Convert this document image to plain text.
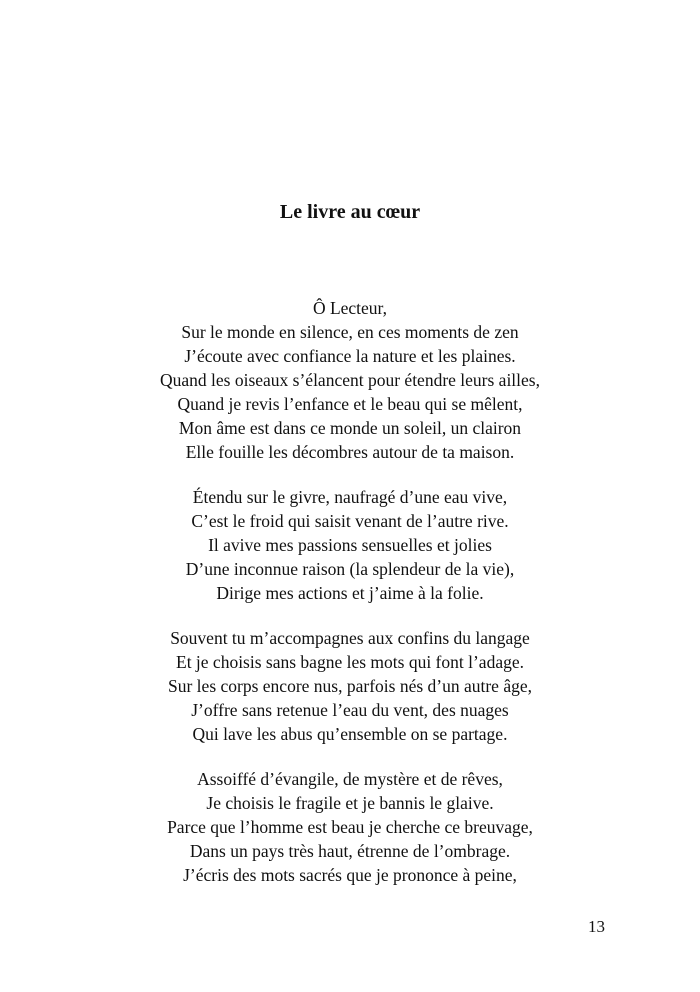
Le livre au cœur
Ô Lecteur,
Sur le monde en silence, en ces moments de zen
J’écoute avec confiance la nature et les plaines.
Quand les oiseaux s’élancent pour étendre leurs ailles,
Quand je revis l’enfance et le beau qui se mêlent,
Mon âme est dans ce monde un soleil, un clairon
Elle fouille les décombres autour de ta maison.
Étendu sur le givre, naufragé d’une eau vive,
C’est le froid qui saisit venant de l’autre rive.
Il avive mes passions sensuelles et jolies
D’une inconnue raison (la splendeur de la vie),
Dirige mes actions et j’aime à la folie.
Souvent tu m’accompagnes aux confins du langage
Et je choisis sans bagne les mots qui font l’adage.
Sur les corps encore nus, parfois nés d’un autre âge,
J’offre sans retenue l’eau du vent, des nuages
Qui lave les abus qu’ensemble on se partage.
Assoiffé d’évangile, de mystère et de rêves,
Je choisis le fragile et je bannis le glaive.
Parce que l’homme est beau je cherche ce breuvage,
Dans un pays très haut, étrenne de l’ombrage.
J’écris des mots sacrés que je prononce à peine,
13
